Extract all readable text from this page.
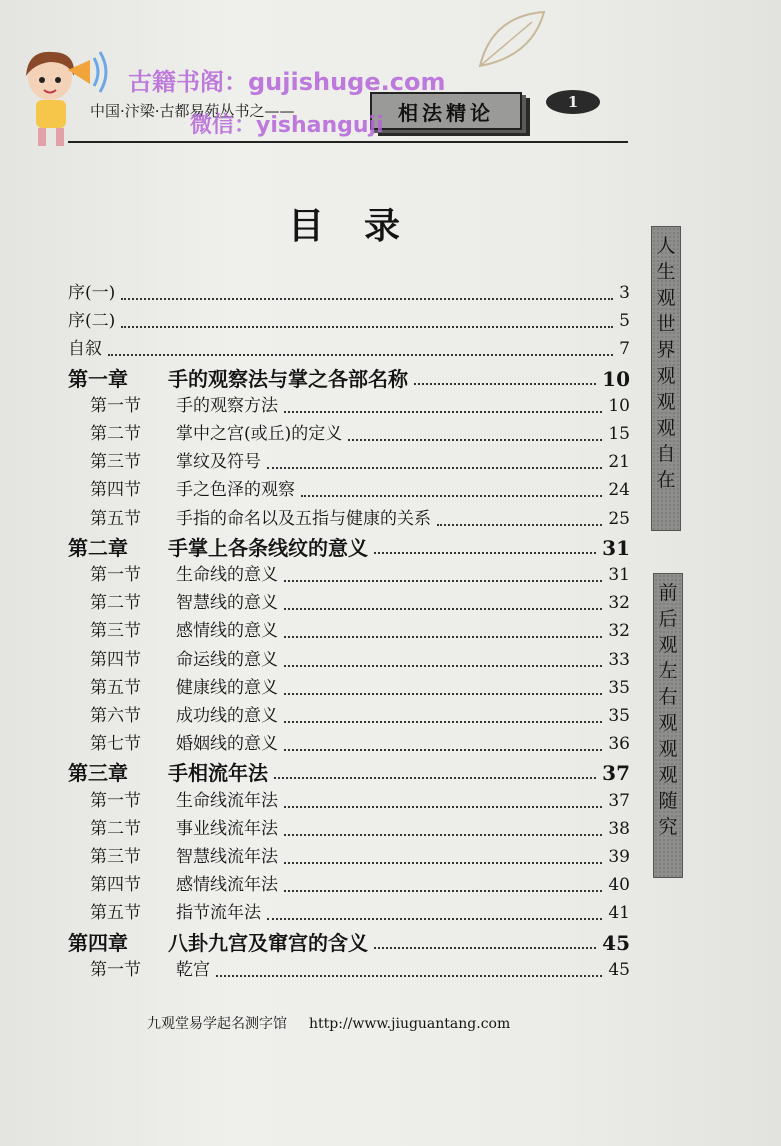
中国·汴梁·古都易苑丛书之——	相法精论	1
古籍书阁：gujishuge.com
微信：yishanguji
目录
序(一)	3
序(二)	5
自叙	7
第一章 手的观察法与掌之各部名称	10
第一节 手的观察方法	10
第二节 掌中之宫(或丘)的定义	15
第三节 掌纹及符号	21
第四节 手之色泽的观察	24
第五节 手指的命名以及五指与健康的关系	25
第二章 手掌上各条线纹的意义	31
第一节 生命线的意义	31
第二节 智慧线的意义	32
第三节 感情线的意义	32
第四节 命运线的意义	33
第五节 健康线的意义	35
第六节 成功线的意义	35
第七节 婚姻线的意义	36
第三章 手相流年法	37
第一节 生命线流年法	37
第二节 事业线流年法	38
第三节 智慧线流年法	39
第四节 感情线流年法	40
第五节 指节流年法	41
第四章 八卦九宫及窜宫的含义	45
第一节 乾宫	45
人
生
观
世
界
观
观
观
自
在
前
后
观
左
右
观
观
观
随
究
九观堂易学起名测字馆 http://www.jiuguantang.com
